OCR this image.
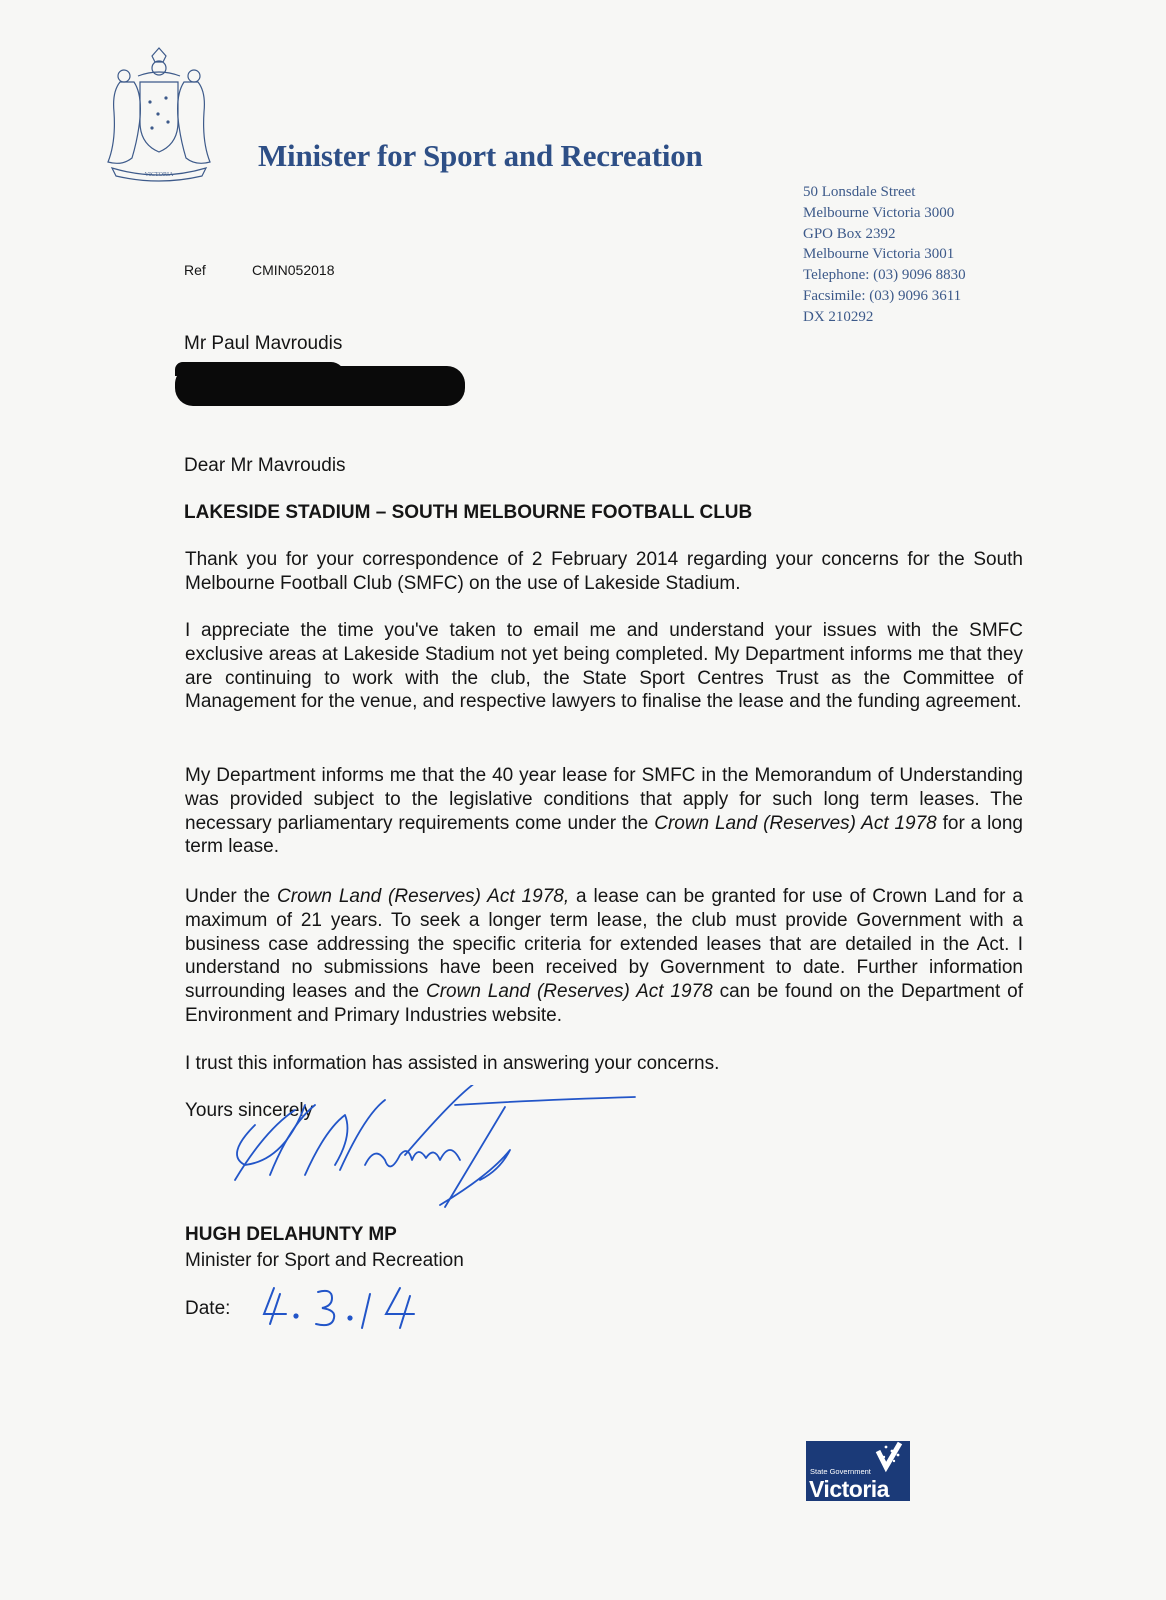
VICTORIA
Minister for Sport and Recreation
50 Lonsdale Street
Melbourne Victoria 3000
GPO Box 2392
Melbourne Victoria 3001
Telephone: (03) 9096 8830
Facsimile: (03) 9096 3611
DX 210292
Ref	CMIN052018
Mr Paul Mavroudis
Dear Mr Mavroudis
LAKESIDE STADIUM – SOUTH MELBOURNE FOOTBALL CLUB
Thank you for your correspondence of 2 February 2014 regarding your concerns for the South Melbourne Football Club (SMFC) on the use of Lakeside Stadium.
I appreciate the time you've taken to email me and understand your issues with the SMFC exclusive areas at Lakeside Stadium not yet being completed. My Department informs me that they are continuing to work with the club, the State Sport Centres Trust as the Committee of Management for the venue, and respective lawyers to finalise the lease and the funding agreement.
My Department informs me that the 40 year lease for SMFC in the Memorandum of Understanding was provided subject to the legislative conditions that apply for such long term leases. The necessary parliamentary requirements come under the Crown Land (Reserves) Act 1978 for a long term lease.
Under the Crown Land (Reserves) Act 1978, a lease can be granted for use of Crown Land for a maximum of 21 years. To seek a longer term lease, the club must provide Government with a business case addressing the specific criteria for extended leases that are detailed in the Act. I understand no submissions have been received by Government to date. Further information surrounding leases and the Crown Land (Reserves) Act 1978 can be found on the Department of Environment and Primary Industries website.
I trust this information has assisted in answering your concerns.
Yours sincerely
HUGH DELAHUNTY MP
Minister for Sport and Recreation
Date:
State Government
Victoria
